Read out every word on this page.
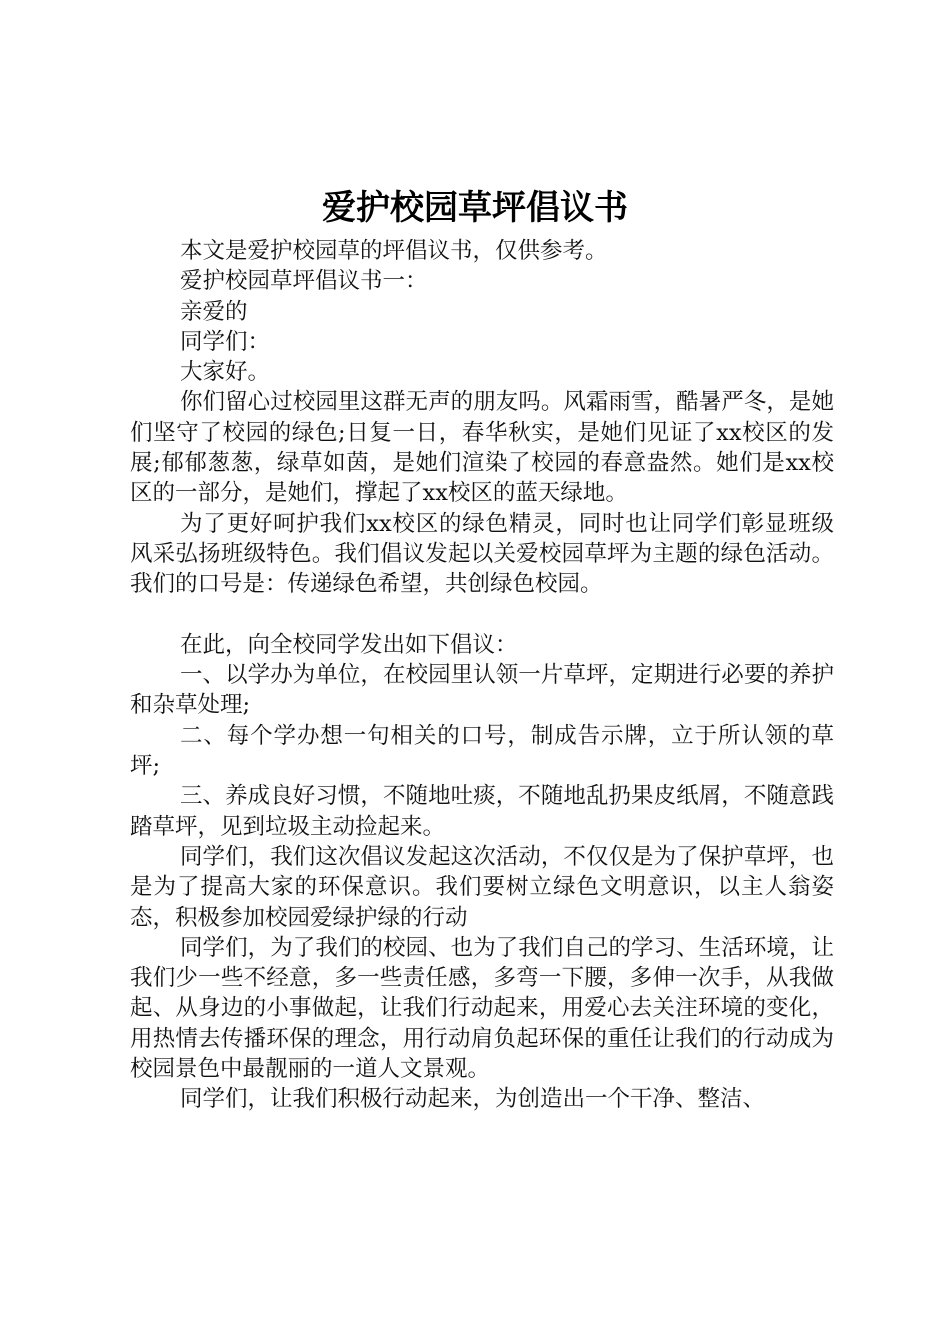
爱护校园草坪倡议书

本文是爱护校园草的坪倡议书，仅供参考。

爱护校园草坪倡议书一：

亲爱的

同学们：

大家好。

你们留心过校园里这群无声的朋友吗。风霜雨雪，酷暑严冬，是她们坚守了校园的绿色;日复一日，春华秋实，是她们见证了xx校区的发展;郁郁葱葱，绿草如茵，是她们渲染了校园的春意盎然。她们是xx校区的一部分，是她们，撑起了xx校区的蓝天绿地。

为了更好呵护我们xx校区的绿色精灵，同时也让同学们彰显班级风采弘扬班级特色。我们倡议发起以关爱校园草坪为主题的绿色活动。我们的口号是：传递绿色希望，共创绿色校园。

在此，向全校同学发出如下倡议：

一、以学办为单位，在校园里认领一片草坪，定期进行必要的养护和杂草处理;

二、每个学办想一句相关的口号，制成告示牌，立于所认领的草坪;

三、养成良好习惯，不随地吐痰，不随地乱扔果皮纸屑，不随意践踏草坪，见到垃圾主动捡起来。

同学们，我们这次倡议发起这次活动，不仅仅是为了保护草坪，也是为了提高大家的环保意识。我们要树立绿色文明意识，以主人翁姿态，积极参加校园爱绿护绿的行动

同学们，为了我们的校园、也为了我们自己的学习、生活环境，让我们少一些不经意，多一些责任感，多弯一下腰，多伸一次手，从我做起、从身边的小事做起，让我们行动起来，用爱心去关注环境的变化，用热情去传播环保的理念，用行动肩负起环保的重任让我们的行动成为校园景色中最靓丽的一道人文景观。

同学们，让我们积极行动起来，为创造出一个干净、整洁、
